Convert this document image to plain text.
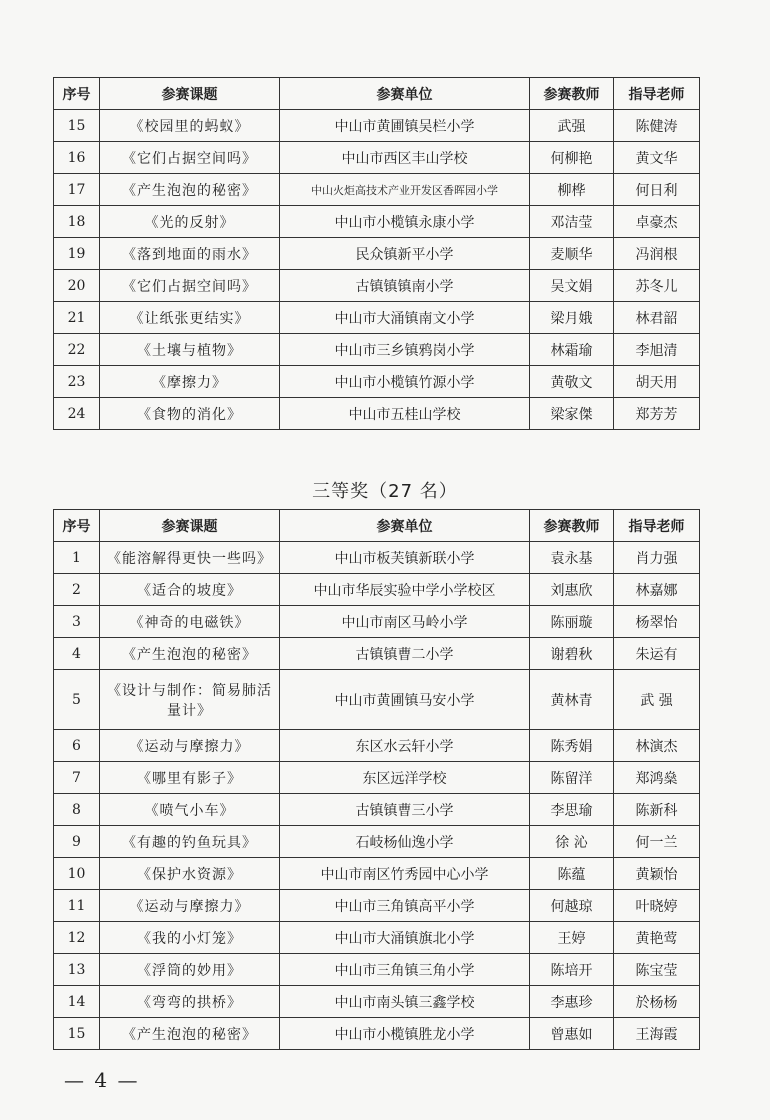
序号	参赛课题	参赛单位	参赛教师	指导老师
15	《校园里的蚂蚁》	中山市黄圃镇吴栏小学	武强	陈健涛
16	《它们占据空间吗》	中山市西区丰山学校	何柳艳	黄文华
17	《产生泡泡的秘密》	中山火炬高技术产业开发区香晖园小学	柳桦	何日利
18	《光的反射》	中山市小榄镇永康小学	邓洁莹	卓豪杰
19	《落到地面的雨水》	民众镇新平小学	麦顺华	冯润根
20	《它们占据空间吗》	古镇镇镇南小学	吴文娟	苏冬儿
21	《让纸张更结实》	中山市大涌镇南文小学	梁月娥	林君韶
22	《土壤与植物》	中山市三乡镇鸦岗小学	林霜瑜	李旭清
23	《摩擦力》	中山市小榄镇竹源小学	黄敬文	胡天用
24	《食物的消化》	中山市五桂山学校	梁家傑	郑芳芳
三等奖（27 名）
序号	参赛课题	参赛单位	参赛教师	指导老师
1	《能溶解得更快一些吗》	中山市板芙镇新联小学	袁永基	肖力强
2	《适合的坡度》	中山市华辰实验中学小学校区	刘惠欣	林嘉娜
3	《神奇的电磁铁》	中山市南区马岭小学	陈丽璇	杨翠怡
4	《产生泡泡的秘密》	古镇镇曹二小学	谢碧秋	朱运有
5	《设计与制作：简易肺活量计》	中山市黄圃镇马安小学	黄林青	武 强
6	《运动与摩擦力》	东区水云轩小学	陈秀娟	林演杰
7	《哪里有影子》	东区远洋学校	陈留洋	郑鸿燊
8	《喷气小车》	古镇镇曹三小学	李思瑜	陈新科
9	《有趣的钓鱼玩具》	石岐杨仙逸小学	徐 沁	何一兰
10	《保护水资源》	中山市南区竹秀园中心小学	陈蕴	黄颖怡
11	《运动与摩擦力》	中山市三角镇高平小学	何越琼	叶晓婷
12	《我的小灯笼》	中山市大涌镇旗北小学	王婷	黄艳莺
13	《浮筒的妙用》	中山市三角镇三角小学	陈培开	陈宝莹
14	《弯弯的拱桥》	中山市南头镇三鑫学校	李惠珍	於杨杨
15	《产生泡泡的秘密》	中山市小榄镇胜龙小学	曾惠如	王海霞
— 4 —
